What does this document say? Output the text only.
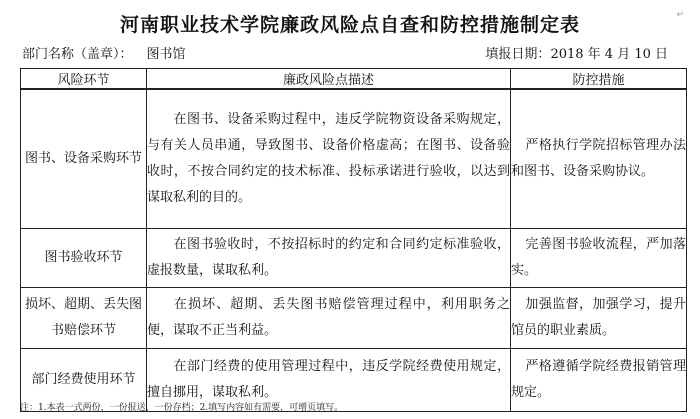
河南职业技术学院廉政风险点自查和防控措施制定表	↵
部门名称（盖章）： 图书馆	填报日期：2018 年 4 月 10 日
风险环节	廉政风险点描述	防控措施
图书、设备采购环节	在图书、设备采购过程中，违反学院物资设备采购规定，与有关人员串通，导致图书、设备价格虚高；在图书、设备验收时，不按合同约定的技术标准、投标承诺进行验收，以达到谋取私利的目的。	严格执行学院招标管理办法和图书、设备采购协议。
图书验收环节	在图书验收时，不按招标时的约定和合同约定标准验收，虚报数量，谋取私利。	完善图书验收流程，严加落实。
损坏、超期、丢失图书赔偿环节	在损坏、超期、丢失图书赔偿管理过程中，利用职务之便，谋取不正当利益。	加强监督，加强学习，提升馆员的职业素质。
部门经费使用环节	在部门经费的使用管理过程中，违反学院经费使用规定，擅自挪用，谋取私利。	严格遵循学院经费报销管理规定。
注：1.本表一式两份，一份报送，一份存档；2.填写内容如有需要，可增页填写。
